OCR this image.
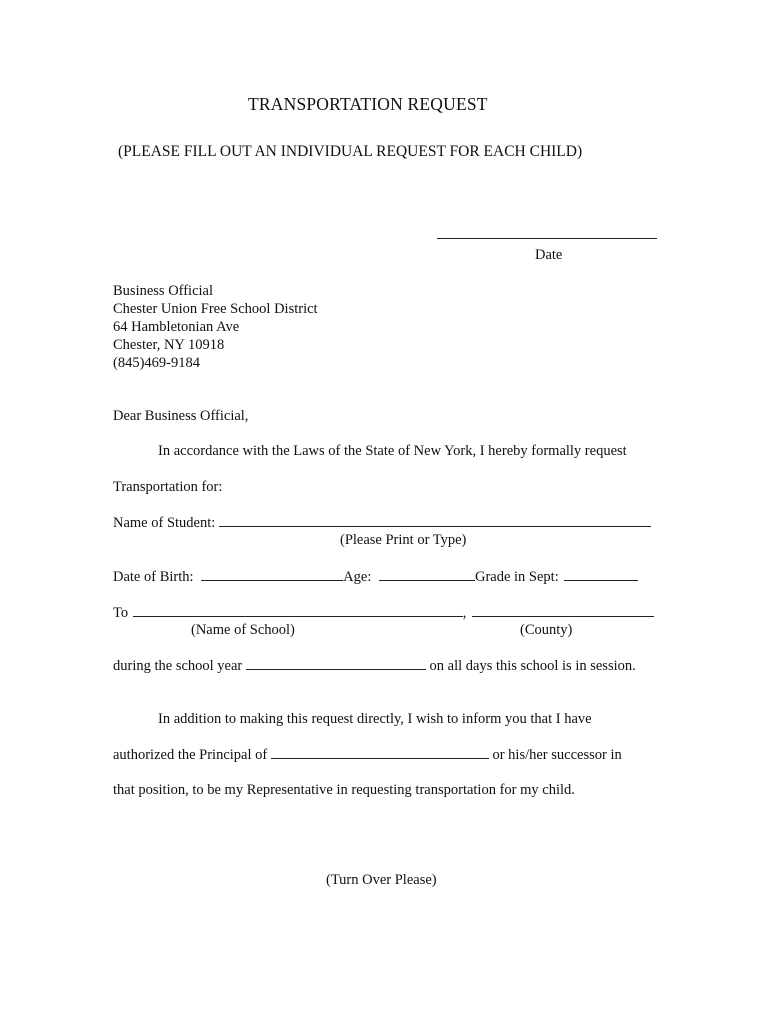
TRANSPORTATION REQUEST
(PLEASE FILL OUT AN INDIVIDUAL REQUEST FOR EACH CHILD)
Date
Business Official
Chester Union Free School District
64 Hambletonian Ave
Chester, NY 10918
(845)469-9184
Dear Business Official,
In accordance with the Laws of the State of New York, I hereby formally request
Transportation for:
Name of Student:
(Please Print or Type)
Date of Birth:	Age:	Grade in Sept:
To	,
(Name of School)	(County)
during the school year	on all days this school is in session.
In addition to making this request directly, I wish to inform you that I have
authorized the Principal of	or his/her successor in
that position, to be my Representative in requesting transportation for my child.
(Turn Over Please)
